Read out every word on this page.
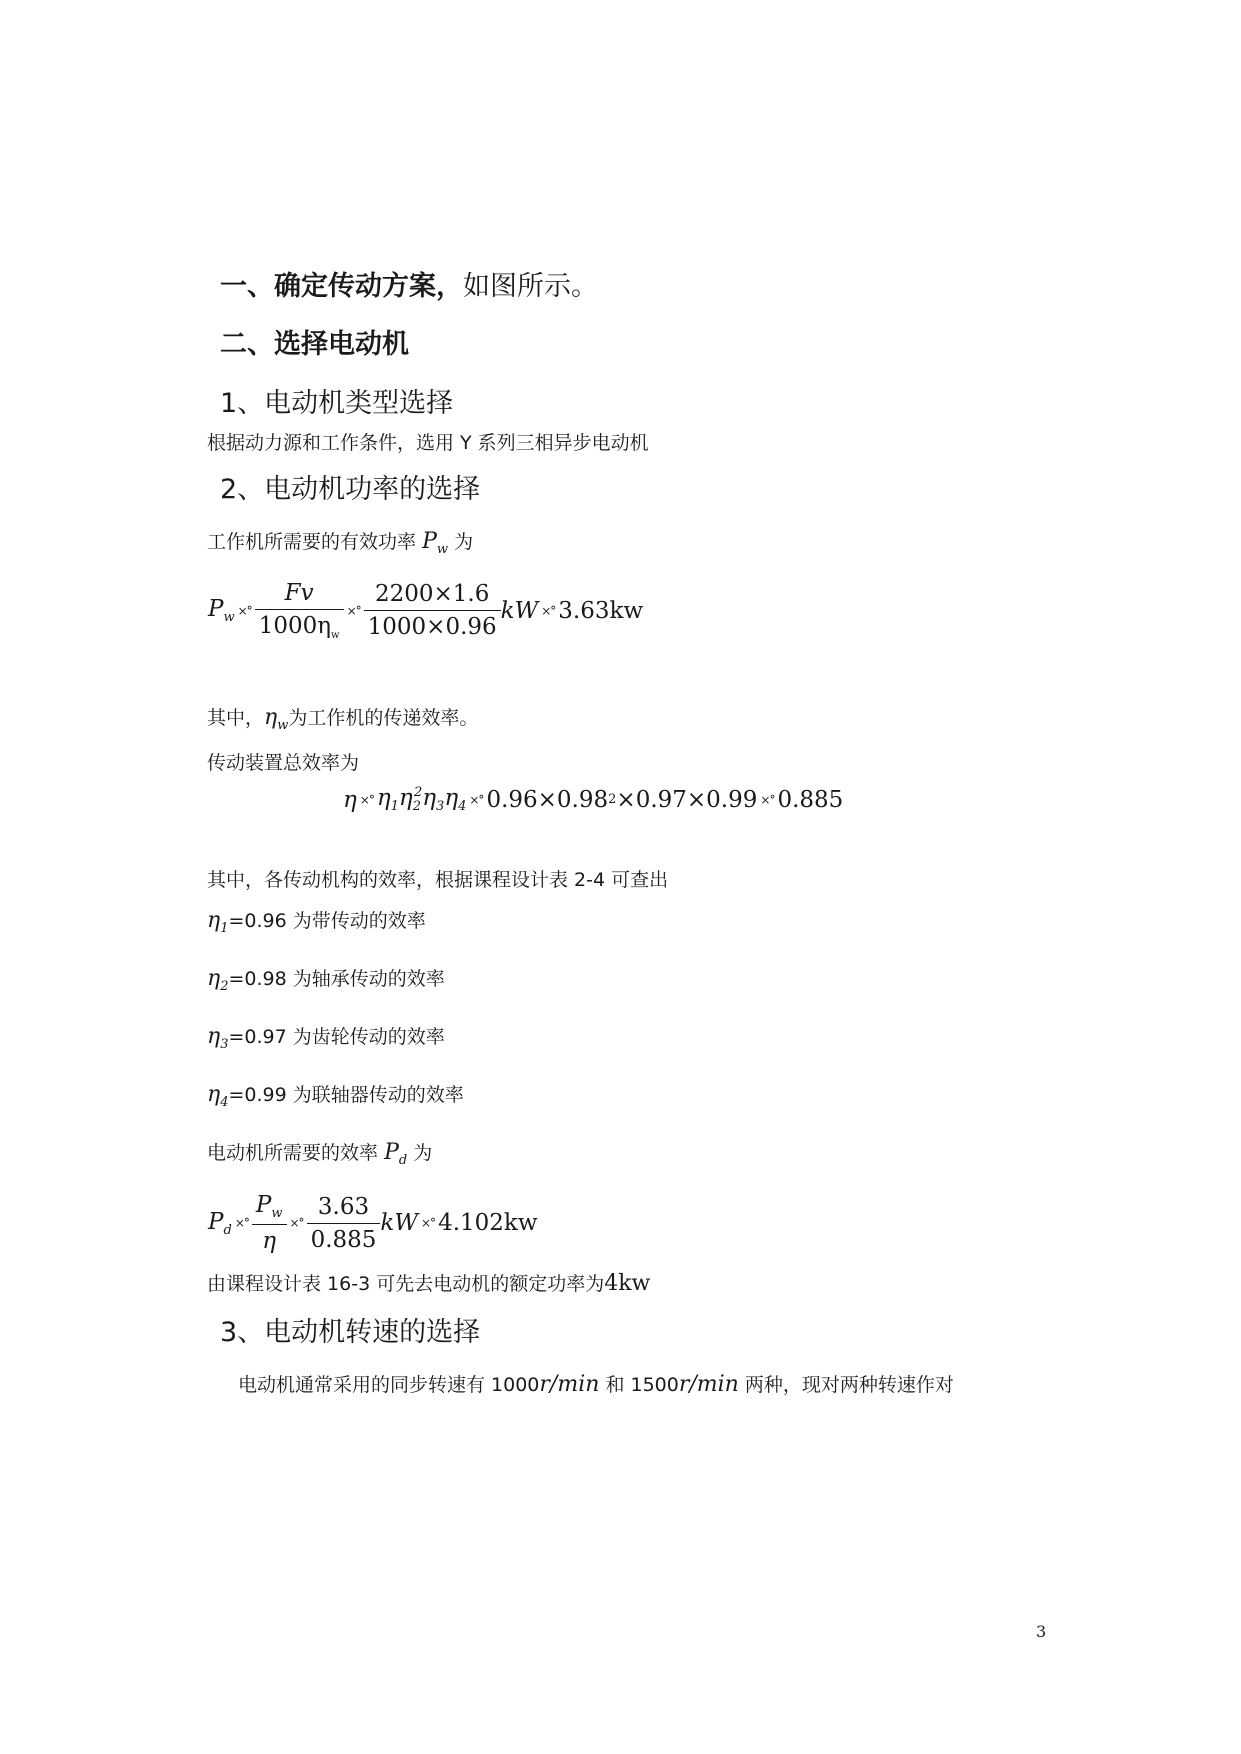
一、确定传动方案，如图所示。
二、选择电动机
1、电动机类型选择
根据动力源和工作条件，选用 Y 系列三相异步电动机
2、电动机功率的选择
工作机所需要的有效功率 $P_w$ 为
$P_w$ ×° $\frac{Fv}{1000\eta_w}$ ×° $\frac{2200\times 1.6}{1000\times 0.96}$ kW ×° 3.63kw
其中，$\eta_w$为工作机的传递效率。
传动装置总效率为
η ×° $\eta_1\eta_2^2\eta_3\eta_4$ ×° 0.96×0.98 2 ×0.97×0.99 ×° 0.885
其中，各传动机构的效率，根据课程设计表 2-4 可查出
$\eta_1=0.96$ 为带传动的效率
$\eta_2=0.98$ 为轴承传动的效率
$\eta_3=0.97$ 为齿轮传动的效率
$\eta_4=0.99$ 为联轴器传动的效率
电动机所需要的效率 $P_d$ 为
$P_d$ ×° $\frac{P_w}{\eta}$ ×° $\frac{3.63}{0.885}$ kW ×° 4.102kw
由课程设计表 16-3 可先去电动机的额定功率为4kw
3、电动机转速的选择
电动机通常采用的同步转速有 1000r/min 和 1500r/min 两种，现对两种转速作对
3
